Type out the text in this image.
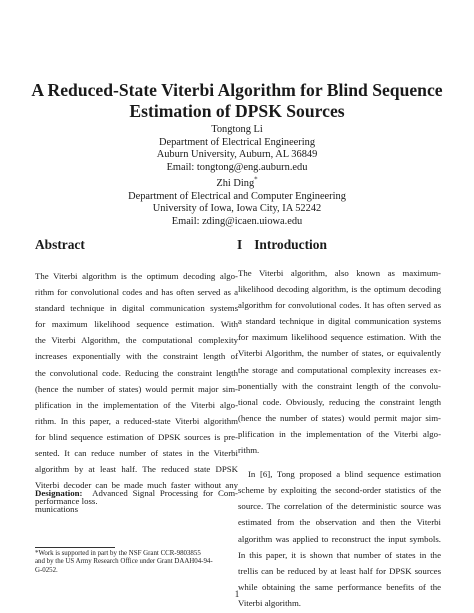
A Reduced-State Viterbi Algorithm for Blind Sequence
Estimation of DPSK Sources
Tongtong Li
Department of Electrical Engineering
Auburn University, Auburn, AL 36849
Email: tongtong@eng.auburn.edu
Zhi Ding*
Department of Electrical and Computer Engineering
University of Iowa, Iowa City, IA 52242
Email: zding@icaen.uiowa.edu
Abstract	I Introduction
The Viterbi algorithm is the optimum decoding algo-
rithm for convolutional codes and has often served as a
standard technique in digital communication systems
for maximum likelihood sequence estimation. With
the Viterbi Algorithm, the computational complexity
increases exponentially with the constraint length of
the convolutional code. Reducing the constraint length
(hence the number of states) would permit major sim-
plification in the implementation of the Viterbi algo-
rithm. In this paper, a reduced-state Viterbi algorithm
for blind sequence estimation of DPSK sources is pre-
sented. It can reduce number of states in the Viterbi
algorithm by at least half. The reduced state DPSK
Viterbi decoder can be made much faster without any
performance loss.
Designation: Advanced Signal Processing for Com-
munications

The Viterbi algorithm, also known as maximum-
likelihood decoding algorithm, is the optimum decoding
algorithm for convolutional codes. It has often served as
a standard technique in digital communication systems
for maximum likelihood sequence estimation. With the
Viterbi Algorithm, the number of states, or equivalently
the storage and computational complexity increases ex-
ponentially with the constraint length of the convolu-
tional code. Obviously, reducing the constraint length
(hence the number of states) would permit major sim-
plification in the implementation of the Viterbi algo-
rithm.

In [6], Tong proposed a blind sequence estimation
scheme by exploiting the second-order statistics of the
source. The correlation of the deterministic source was
estimated from the observation and then the Viterbi
algorithm was applied to reconstruct the input symbols.
In this paper, it is shown that number of states in the
trellis can be reduced by at least half for DPSK sources
while obtaining the same performance benefits of the
Viterbi algorithm.

*Work is supported in part by the NSF Grant CCR-9803855
and by the US Army Research Office under Grant DAAH04-94-
G-0252.
1
